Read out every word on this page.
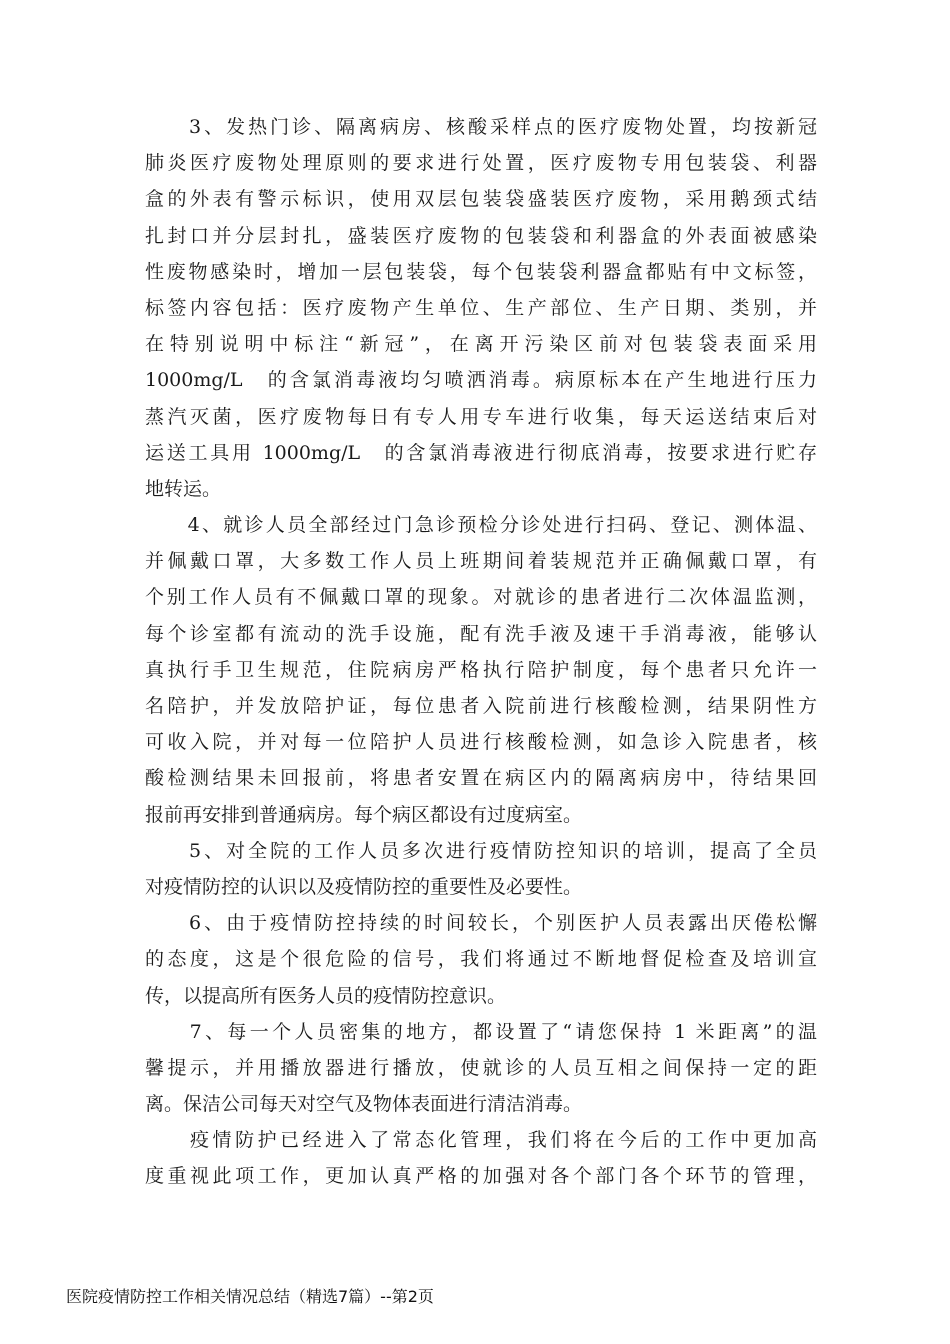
　　3、发热门诊、隔离病房、核酸采样点的医疗废物处置，均按新冠
肺炎医疗废物处理原则的要求进行处置，医疗废物专用包装袋、利器
盒的外表有警示标识，使用双层包装袋盛装医疗废物，采用鹅颈式结
扎封口并分层封扎，盛装医疗废物的包装袋和利器盒的外表面被感染
性废物感染时，增加一层包装袋，每个包装袋利器盒都贴有中文标签，
标签内容包括：医疗废物产生单位、生产部位、生产日期、类别，并
在特别说明中标注“新冠”，在离开污染区前对包装袋表面采用
1000mg/L　的含氯消毒液均匀喷洒消毒。病原标本在产生地进行压力
蒸汽灭菌，医疗废物每日有专人用专车进行收集，每天运送结束后对
运送工具用 1000mg/L　的含氯消毒液进行彻底消毒，按要求进行贮存
地转运。
　　4、就诊人员全部经过门急诊预检分诊处进行扫码、登记、测体温、
并佩戴口罩，大多数工作人员上班期间着装规范并正确佩戴口罩，有
个别工作人员有不佩戴口罩的现象。对就诊的患者进行二次体温监测，
每个诊室都有流动的洗手设施，配有洗手液及速干手消毒液，能够认
真执行手卫生规范，住院病房严格执行陪护制度，每个患者只允许一
名陪护，并发放陪护证，每位患者入院前进行核酸检测，结果阴性方
可收入院，并对每一位陪护人员进行核酸检测，如急诊入院患者，核
酸检测结果未回报前，将患者安置在病区内的隔离病房中，待结果回
报前再安排到普通病房。每个病区都设有过度病室。
　　5、对全院的工作人员多次进行疫情防控知识的培训，提高了全员
对疫情防控的认识以及疫情防控的重要性及必要性。
　　6、由于疫情防控持续的时间较长，个别医护人员表露出厌倦松懈
的态度，这是个很危险的信号，我们将通过不断地督促检查及培训宣
传，以提高所有医务人员的疫情防控意识。
　　7、每一个人员密集的地方，都设置了“请您保持 1 米距离”的温
馨提示，并用播放器进行播放，使就诊的人员互相之间保持一定的距
离。保洁公司每天对空气及物体表面进行清洁消毒。
　　疫情防护已经进入了常态化管理，我们将在今后的工作中更加高
度重视此项工作，更加认真严格的加强对各个部门各个环节的管理，
医院疫情防控工作相关情况总结（精选7篇）--第2页
